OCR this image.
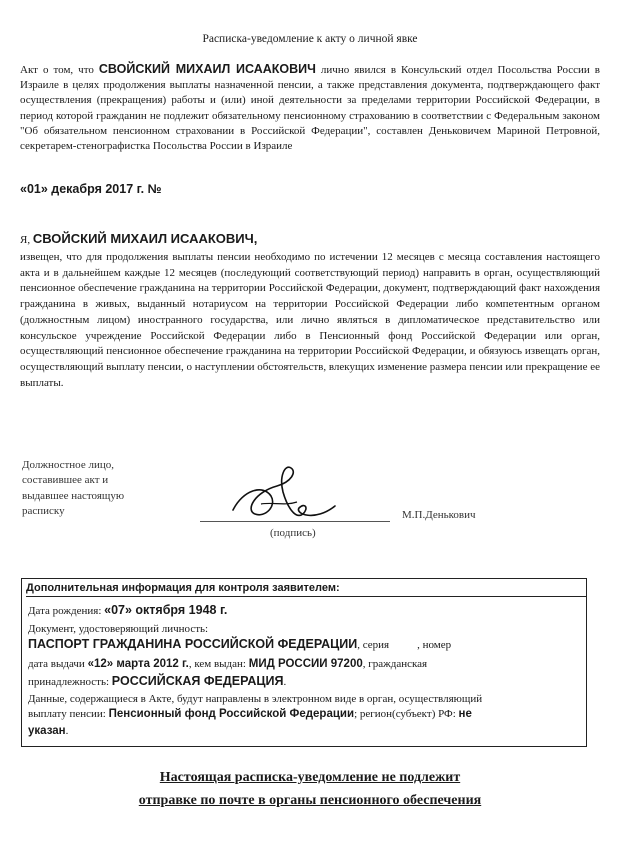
Расписка-уведомление к акту о личной явке
Акт о том, что СВОЙСКИЙ МИХАИЛ ИСААКОВИЧ лично явился в Консульский отдел Посольства России в Израиле в целях продолжения выплаты назначенной пенсии, а также представления документа, подтверждающего факт осуществления (прекращения) работы и (или) иной деятельности за пределами территории Российской Федерации, в период которой гражданин не подлежит обязательному пенсионному страхованию в соответствии с Федеральным законом "Об обязательном пенсионном страховании в Российской Федерации", составлен Деньковичем Мариной Петровной, секретарем-стенографистка Посольства России в Израиле
«01» декабря 2017 г. №
Я, СВОЙСКИЙ МИХАИЛ ИСААКОВИЧ,
извещен, что для продолжения выплаты пенсии необходимо по истечении 12 месяцев с месяца составления настоящего акта и в дальнейшем каждые 12 месяцев (последующий соответствующий период) направить в орган, осуществляющий пенсионное обеспечение гражданина на территории Российской Федерации, документ, подтверждающий факт нахождения гражданина в живых, выданный нотариусом на территории Российской Федерации либо компетентным органом (должностным лицом) иностранного государства, или лично являться в дипломатическое представительство или консульское учреждение Российской Федерации либо в Пенсионный фонд Российской Федерации или орган, осуществляющий пенсионное обеспечение гражданина на территории Российской Федерации, и обязуюсь извещать орган, осуществляющий выплату пенсии, о наступлении обстоятельств, влекущих изменение размера пенсии или прекращение ее выплаты.
Должностное лицо,
составившее акт и
выдавшее настоящую
расписку	М.П.Денькович
(подпись)
Дополнительная информация для контроля заявителем:
Дата рождения: «07» октября 1948 г.
Документ, удостоверяющий личность:
ПАСПОРТ ГРАЖДАНИНА РОССИЙСКОЙ ФЕДЕРАЦИИ, серия	, номер
дата выдачи «12» марта 2012 г., кем выдан: МИД РОССИИ 97200, гражданская
принадлежность: РОССИЙСКАЯ ФЕДЕРАЦИЯ.
Данные, содержащиеся в Акте, будут направлены в электронном виде в орган, осуществляющий
выплату пенсии: Пенсионный фонд Российской Федерации; регион(субъект) РФ: не
указан.
Настоящая расписка-уведомление не подлежит
отправке по почте в органы пенсионного обеспечения
